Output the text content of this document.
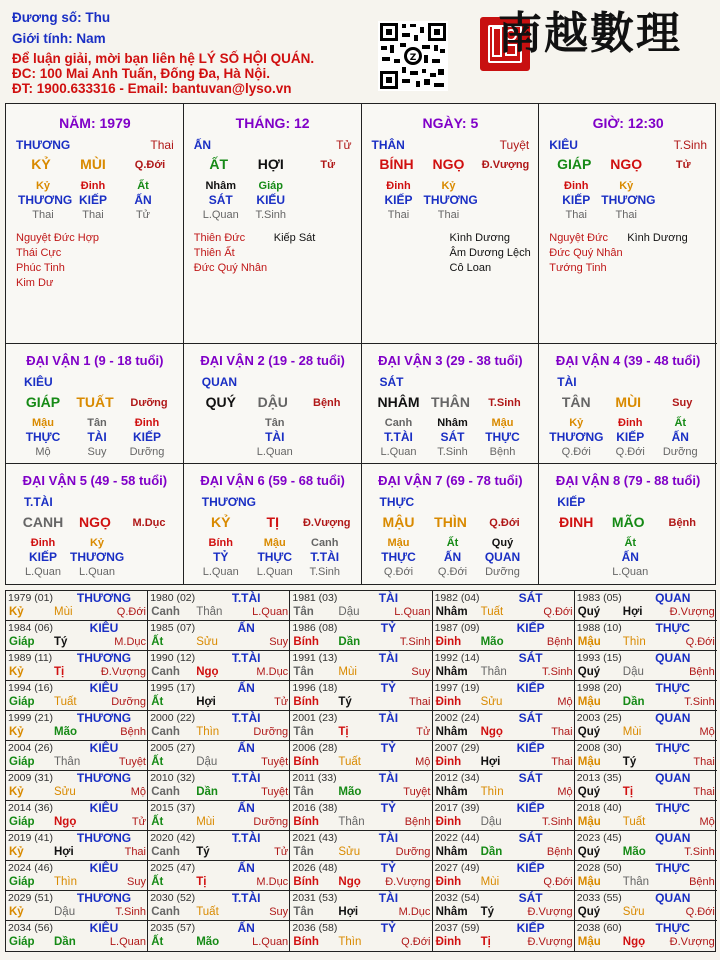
Đương số: Thu
Giới tính: Nam
Để luận giải, mời bạn liên hệ LÝ SỐ HỘI QUÁN.
ĐC: 100 Mai Anh Tuấn, Đống Đa, Hà Nội.
ĐT: 1900.633316 - Email: bantuvan@lyso.vn
Z 南越數理
NĂM: 1979
THƯƠNG	Thai
KỶ	MÙI	Q.Đới
Kỷ	Đinh	Ất
THƯƠNG KIẾP	ẤN
Thai	Thai	Tử
Nguyệt Đức Hợp
Thái Cực
Phúc Tinh
Kim Dư
THÁNG: 12
ẤN	Tử
ẤT	HỢI	Tử
Nhâm	Giáp
SÁT	KIẾU
L.Quan	T.Sinh
Thiên Đức
Thiên Ất
Đức Quý Nhân
Kiếp Sát
NGÀY: 5
THÂN	Tuyệt
BÍNH	NGỌ	Đ.Vượng
Đinh	Kỷ
KIẾP THƯƠNG
Thai	Thai
Kình Dương
Âm Dương Lệch
Cô Loan
GIỜ: 12:30
KIÊU	T.Sinh
GIÁP	NGỌ	Tử
Đinh	Kỷ
KIẾP THƯƠNG
Thai	Thai
Nguyệt Đức
Đức Quý Nhân
Tướng Tinh
Kình Dương
ĐẠI VẬN 1 (9 - 18 tuổi)
KIÊU
GIÁP	TUẤT	Dưỡng
Mậu	Tân	Đinh
THỰC	TÀI	KIẾP
Mộ	Suy	Dưỡng
ĐẠI VẬN 2 (19 - 28 tuổi)
QUAN
QUÝ	DẬU	Bệnh
Tân
TÀI
L.Quan
ĐẠI VẬN 3 (29 - 38 tuổi)
SÁT
NHÂM THÂN	T.Sinh
Canh	Nhâm	Mậu
T.TÀI	SÁT	THỰC
L.Quan	T.Sinh	Bệnh
ĐẠI VẬN 4 (39 - 48 tuổi)
TÀI
TÂN	MÙI	Suy
Kỷ	Đinh	Ất
THƯƠNG	KIẾP	ẤN
Q.Đới	Q.Đới	Dưỡng
ĐẠI VẬN 5 (49 - 58 tuổi)
T.TÀI
CANH	NGỌ	M.Dục
Đinh	Kỷ
KIẾP	THƯƠNG
L.Quan	L.Quan
ĐẠI VẬN 6 (59 - 68 tuổi)
THƯƠNG
KỶ	TỊ	Đ.Vượng
Bính	Mậu	Canh
TỶ	THỰC	T.TÀI
L.Quan	L.Quan	T.Sinh
ĐẠI VẬN 7 (69 - 78 tuổi)
THỰC
MẬU	THÌN	Q.Đới
Mậu	Ất	Quý
THỰC	ẤN	QUAN
Q.Đới	Q.Đới	Dưỡng
ĐẠI VẬN 8 (79 - 88 tuổi)
KIẾP
ĐINH	MÃO	Bệnh
Ất
ẤN
L.Quan
1979 (01)	THƯƠNG
Kỷ	Mùi	Q.Đới
1980 (02)	T.TÀI
Canh Thân	L.Quan
1981 (03)	TÀI
Tân Dậu	L.Quan
1982 (04)	SÁT
Nhâm Tuất	Q.Đới
1983 (05)	QUAN
Quý Hợi Đ.Vượng
1984 (06)	KIÊU
Giáp Tý	M.Dục
1985 (07)	ẤN
Ất	Sửu	Suy
1986 (08)	TỶ
Bính Dần	T.Sinh
1987 (09)	KIẾP
Đinh Mão	Bệnh
1988 (10)	THỰC
Mậu Thìn	Q.Đới
1989 (11)	THƯƠNG
Kỷ	Tị	Đ.Vượng
1990 (12)	T.TÀI
Canh Ngọ	M.Dục
1991 (13)	TÀI
Tân Mùi	Suy
1992 (14)	SÁT
Nhâm Thân	T.Sinh
1993 (15)	QUAN
Quý Dậu	Bệnh
1994 (16)	KIÊU
Giáp Tuất	Dưỡng
1995 (17)	ẤN
Ất	Hợi	Tử
1996 (18)	TỶ
Bính Tý	Thai
1997 (19)	KIẾP
Đinh Sửu	Mộ
1998 (20)	THỰC
Mậu Dần	T.Sinh
1999 (21)	THƯƠNG
Kỷ	Mão	Bệnh
2000 (22)	T.TÀI
Canh Thìn	Dưỡng
2001 (23)	TÀI
Tân Tị	Tử
2002 (24)	SÁT
Nhâm Ngọ	Thai
2003 (25)	QUAN
Quý Mùi	Mộ
2004 (26)	KIÊU
Giáp Thân	Tuyệt
2005 (27)	ẤN
Ất	Dậu	Tuyệt
2006 (28)	TỶ
Bính Tuất	Mộ
2007 (29)	KIẾP
Đinh Hợi	Thai
2008 (30)	THỰC
Mậu Tý	Thai
2009 (31)	THƯƠNG
Kỷ	Sửu	Mộ
2010 (32)	T.TÀI
Canh Dần	Tuyệt
2011 (33)	TÀI
Tân Mão	Tuyệt
2012 (34)	SÁT
Nhâm Thìn	Mộ
2013 (35)	QUAN
Quý Tị	Thai
2014 (36)	KIÊU
Giáp Ngọ	Tử
2015 (37)	ẤN
Ất	Mùi	Dưỡng
2016 (38)	TỶ
Bính Thân	Bệnh
2017 (39)	KIẾP
Đinh Dậu	T.Sinh
2018 (40)	THỰC
Mậu Tuất	Mộ
2019 (41)	THƯƠNG
Kỷ	Hợi	Thai
2020 (42)	T.TÀI
Canh Tý	Tử
2021 (43)	TÀI
Tân Sửu	Dưỡng
2022 (44)	SÁT
Nhâm Dần	Bệnh
2023 (45)	QUAN
Quý Mão	T.Sinh
2024 (46)	KIÊU
Giáp Thìn	Suy
2025 (47)	ẤN
Ất	Tị	M.Dục
2026 (48)	TỶ
Bính Ngọ Đ.Vượng
2027 (49)	KIẾP
Đinh Mùi	Q.Đới
2028 (50)	THỰC
Mậu Thân	Bệnh
2029 (51)	THƯƠNG
Kỷ	Dậu	T.Sinh
2030 (52)	T.TÀI
Canh Tuất	Suy
2031 (53)	TÀI
Tân Hợi	M.Dục
2032 (54)	SÁT
Nhâm Tý	Đ.Vượng
2033 (55)	QUAN
Quý Sửu	Q.Đới
2034 (56)	KIÊU
Giáp Dần	L.Quan
2035 (57)	ẤN
Ất	Mão	L.Quan
2036 (58)	TỶ
Bính Thìn	Q.Đới
2037 (59)	KIẾP
Đinh Tị	Đ.Vượng
2038 (60)	THỰC
Mậu Ngọ Đ.Vượng
